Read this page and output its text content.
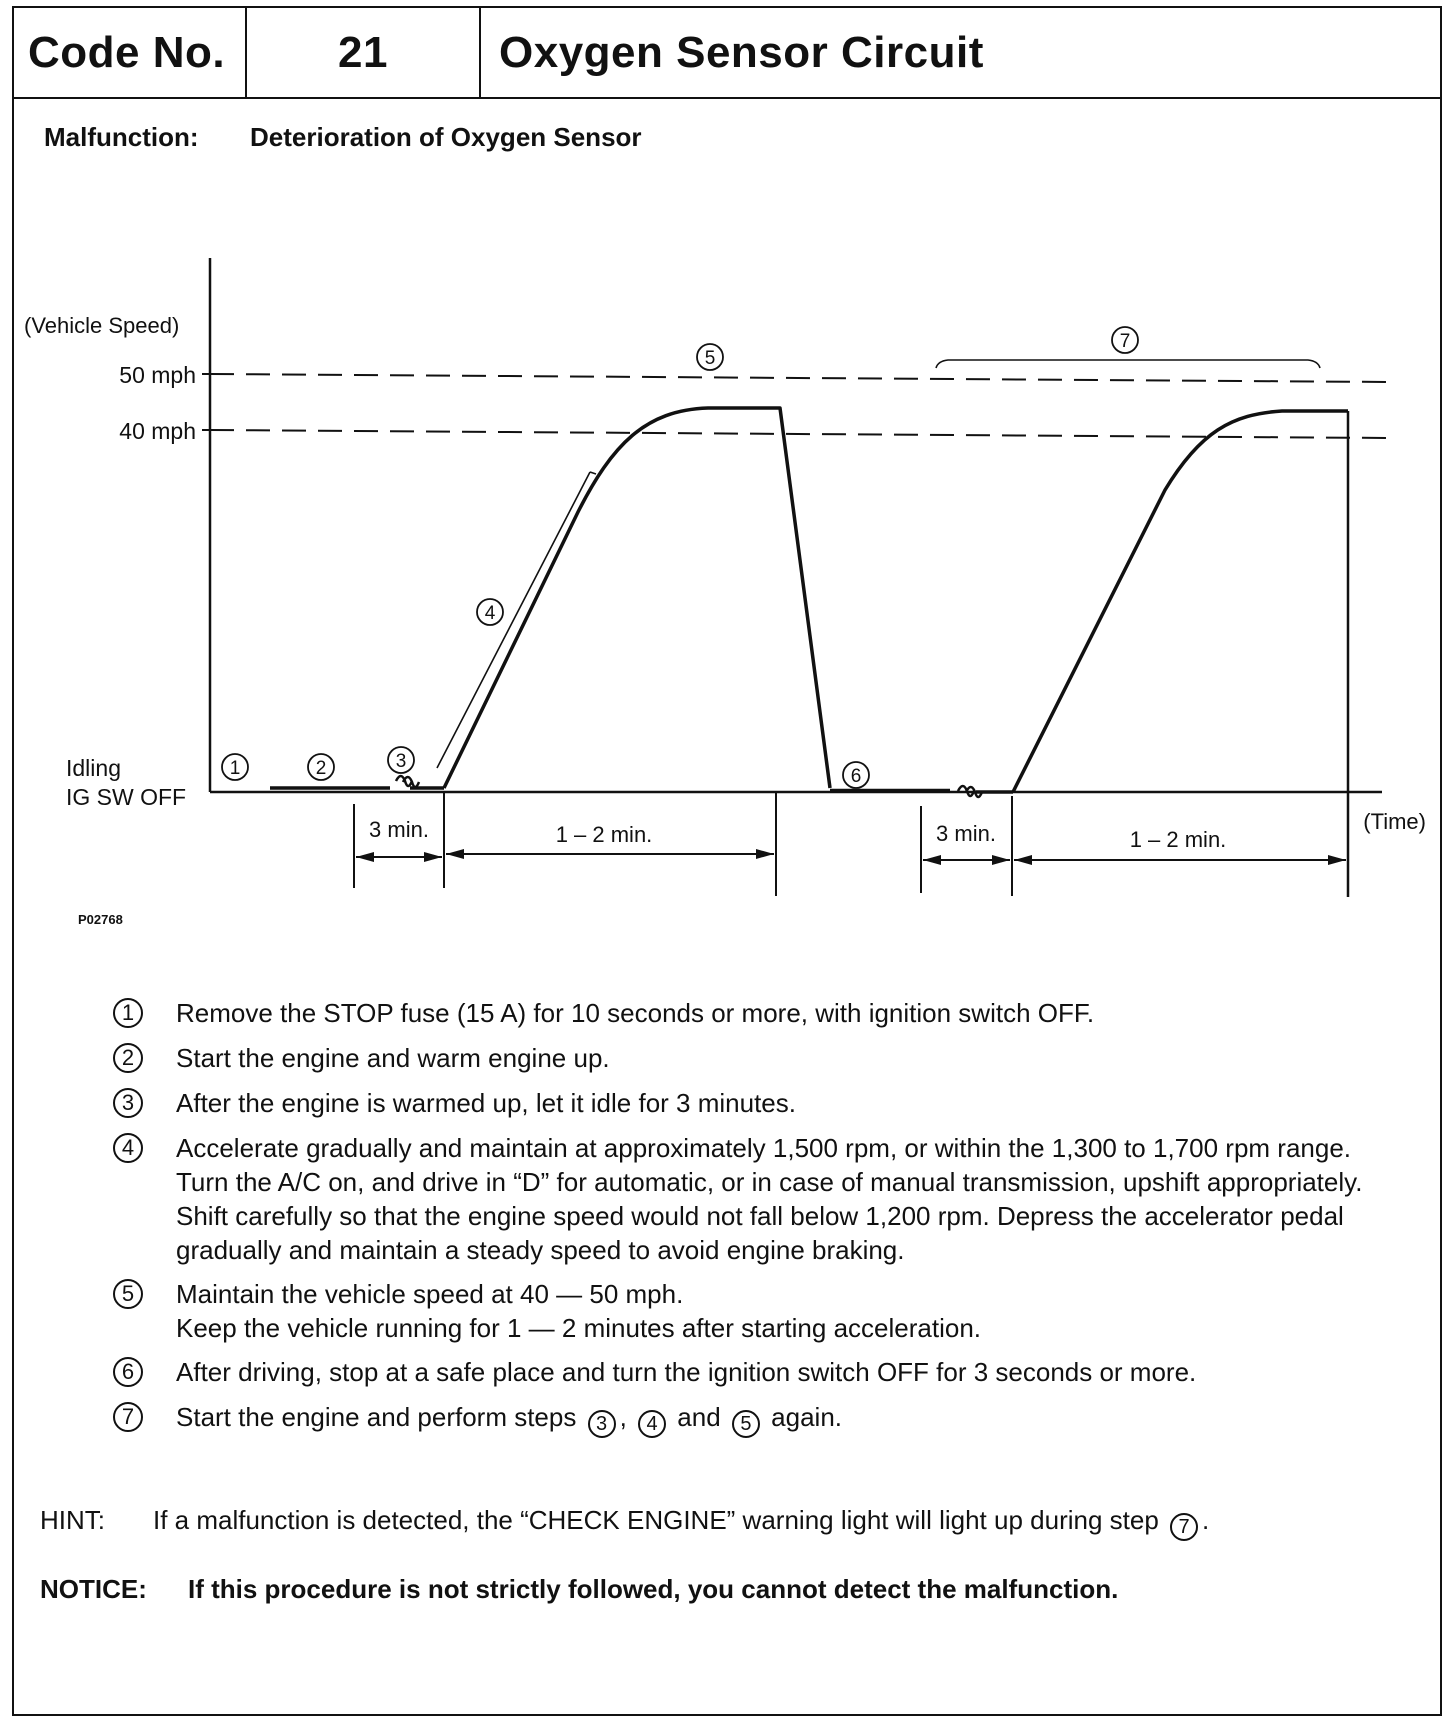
Code No.	21	Oxygen Sensor Circuit
Malfunction: Deterioration of Oxygen Sensor
(Vehicle Speed)
50 mph
40 mph
Idling
IG SW OFF
(Time)
1	2	3
4
5
6
7
3 min.	1 – 2 min.	3 min.	1 – 2 min.
P02768
1	Remove the STOP fuse (15 A) for 10 seconds or more, with ignition switch OFF.
2	Start the engine and warm engine up.
3	After the engine is warmed up, let it idle for 3 minutes.
4	Accelerate gradually and maintain at approximately 1,500 rpm, or within the 1,300 to 1,700 rpm range. Turn the A/C on, and drive in “D” for automatic, or in case of manual transmission, upshift appropriately. Shift carefully so that the engine speed would not fall below 1,200 rpm. Depress the accelerator pedal gradually and maintain a steady speed to avoid engine braking.
5	Maintain the vehicle speed at 40 — 50 mph.
Keep the vehicle running for 1 — 2 minutes after starting acceleration.
6	After driving, stop at a safe place and turn the ignition switch OFF for 3 seconds or more.
7	Start the engine and perform steps 3 , 4 and 5 again.
HINT:	If a malfunction is detected, the “CHECK ENGINE” warning light will light up during step 7 .
NOTICE: If this procedure is not strictly followed, you cannot detect the malfunction.
